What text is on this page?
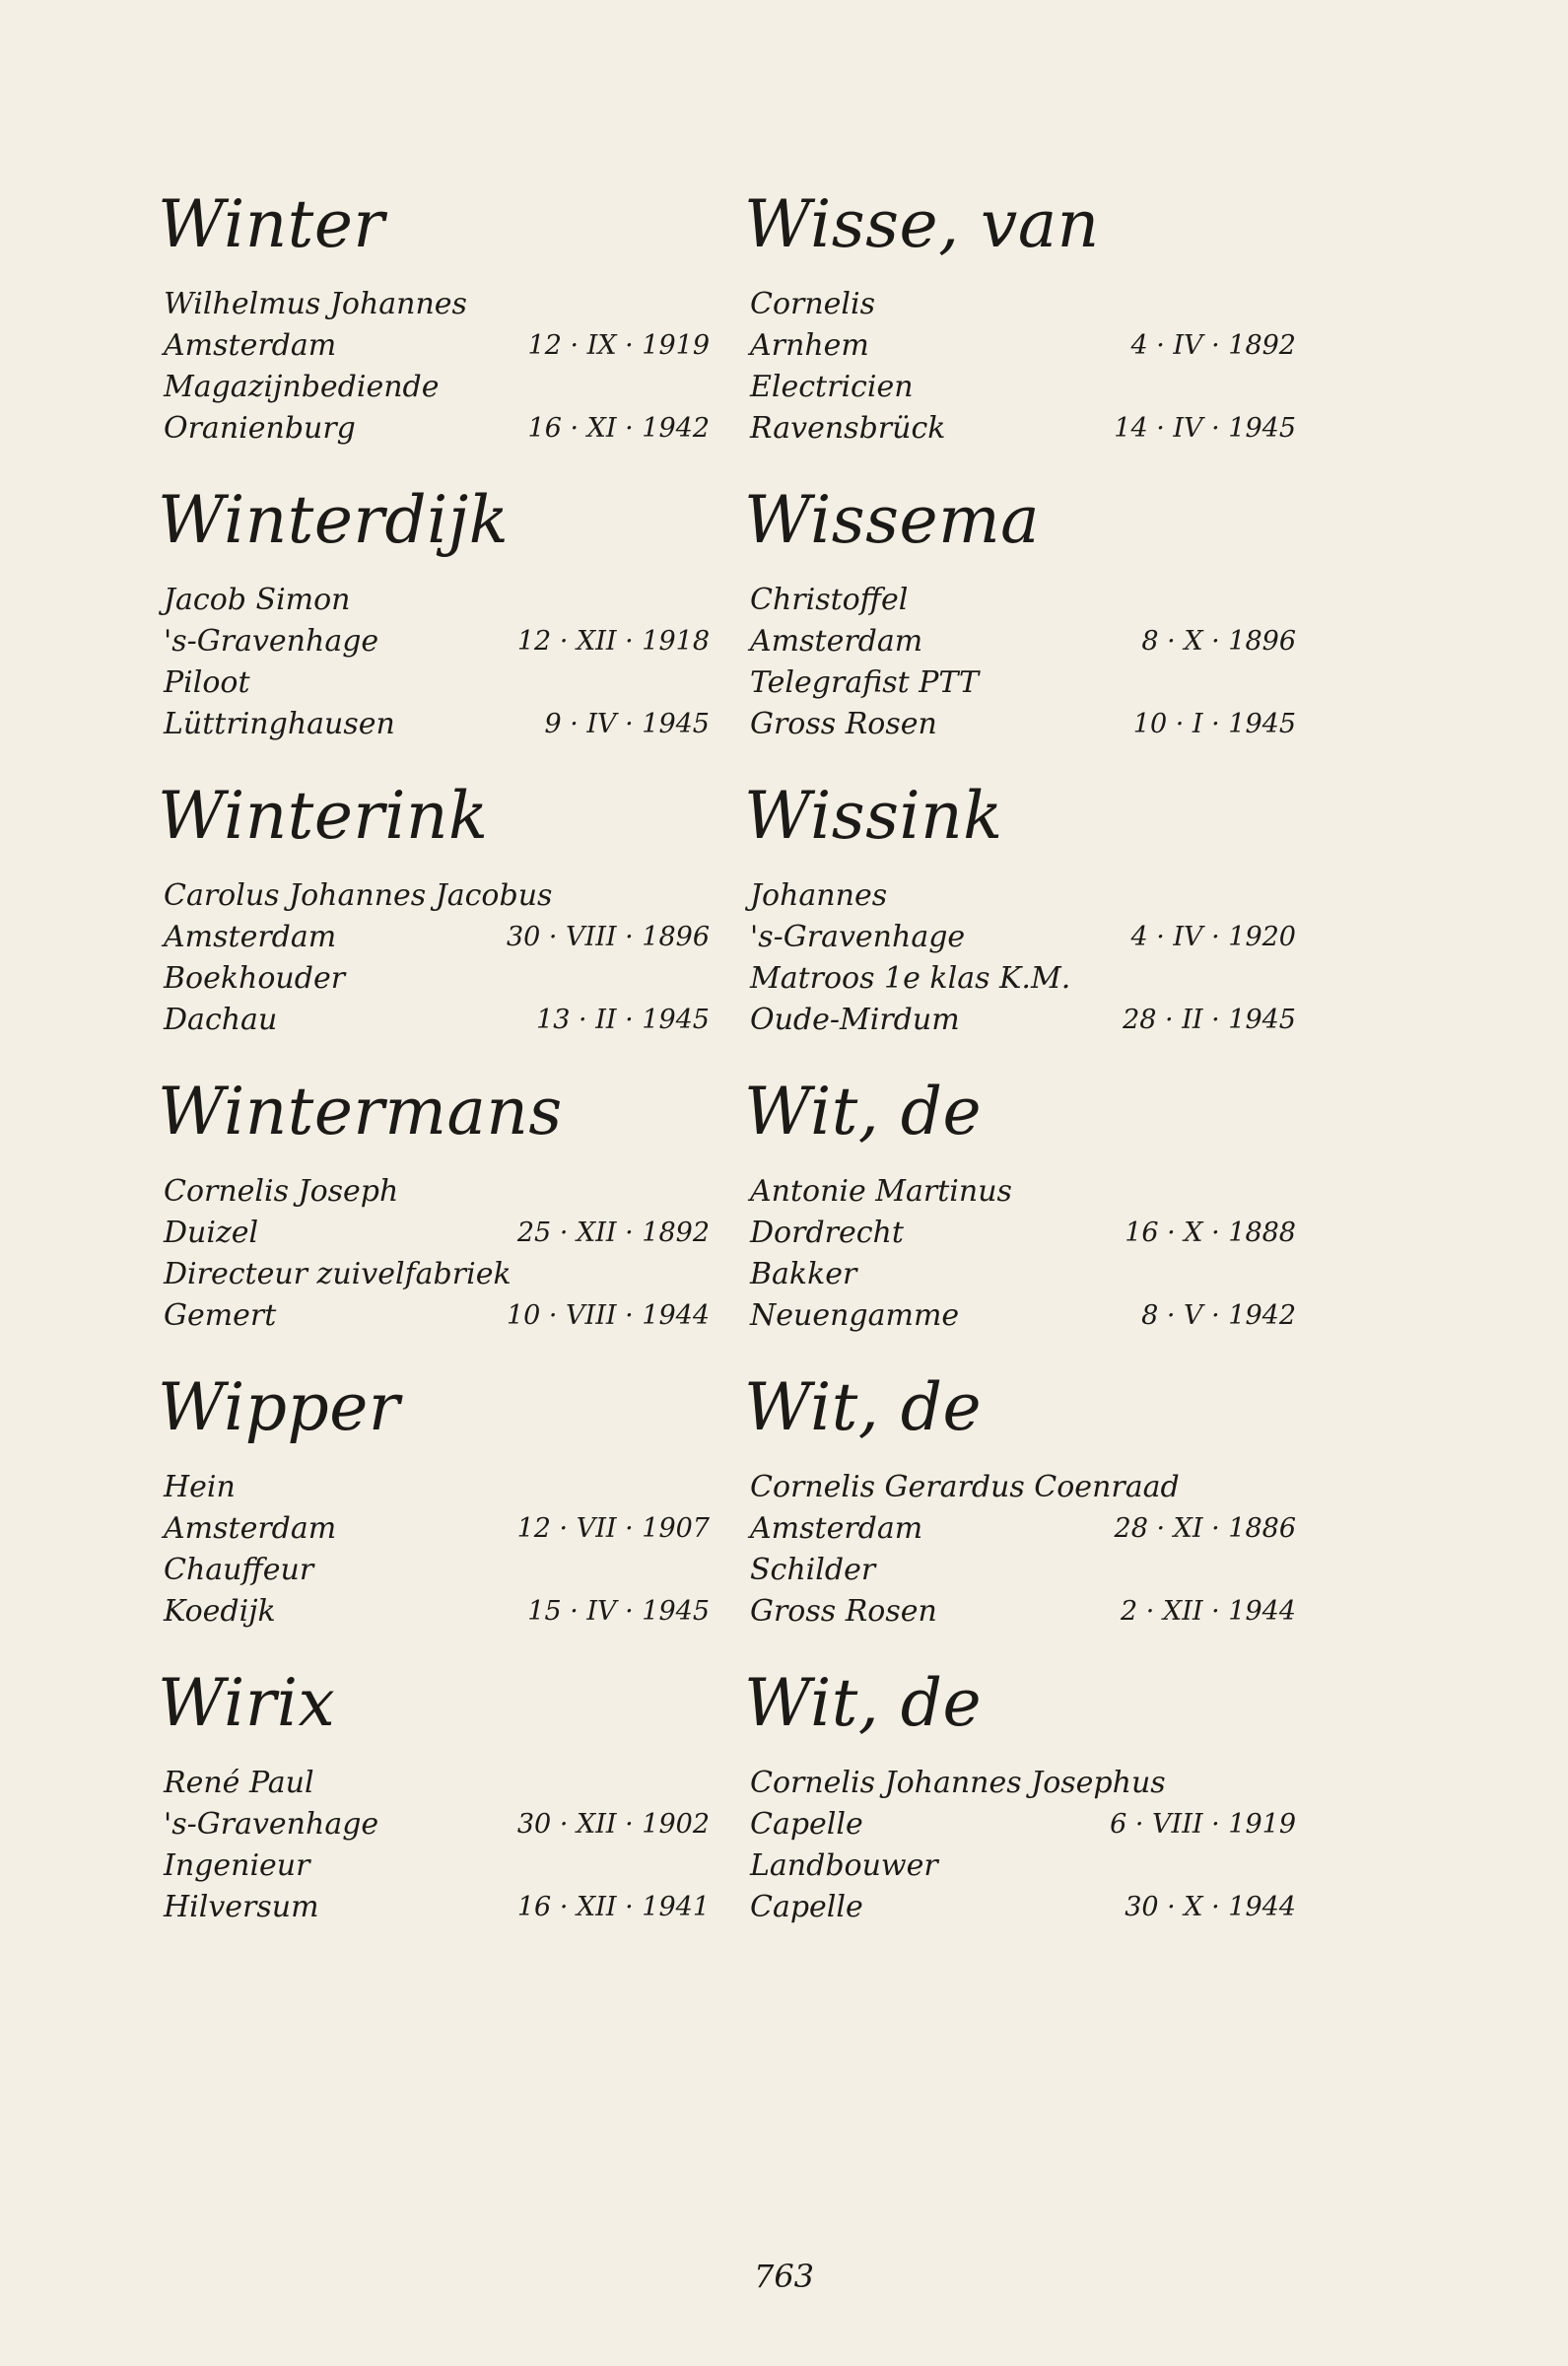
Winter
Wilhelmus Johannes
Amsterdam	12 · IX · 1919
Magazijnbediende
Oranienburg	16 · XI · 1942
Winterdijk
Jacob Simon
's-Gravenhage	12 · XII · 1918
Piloot
Lüttringhausen	9 · IV · 1945
Winterink
Carolus Johannes Jacobus
Amsterdam	30 · VIII · 1896
Boekhouder
Dachau	13 · II · 1945
Wintermans
Cornelis Joseph
Duizel	25 · XII · 1892
Directeur zuivelfabriek
Gemert	10 · VIII · 1944
Wipper
Hein
Amsterdam	12 · VII · 1907
Chauffeur
Koedijk	15 · IV · 1945
Wirix
René Paul
's-Gravenhage	30 · XII · 1902
Ingenieur
Hilversum	16 · XII · 1941
Wisse, van
Cornelis
Arnhem	4 · IV · 1892
Electricien
Ravensbrück	14 · IV · 1945
Wissema
Christoffel
Amsterdam	8 · X · 1896
Telegrafist PTT
Gross Rosen	10 · I · 1945
Wissink
Johannes
's-Gravenhage	4 · IV · 1920
Matroos 1e klas K.M.
Oude-Mirdum	28 · II · 1945
Wit, de
Antonie Martinus
Dordrecht	16 · X · 1888
Bakker
Neuengamme	8 · V · 1942
Wit, de
Cornelis Gerardus Coenraad
Amsterdam	28 · XI · 1886
Schilder
Gross Rosen	2 · XII · 1944
Wit, de
Cornelis Johannes Josephus
Capelle	6 · VIII · 1919
Landbouwer
Capelle	30 · X · 1944
763
